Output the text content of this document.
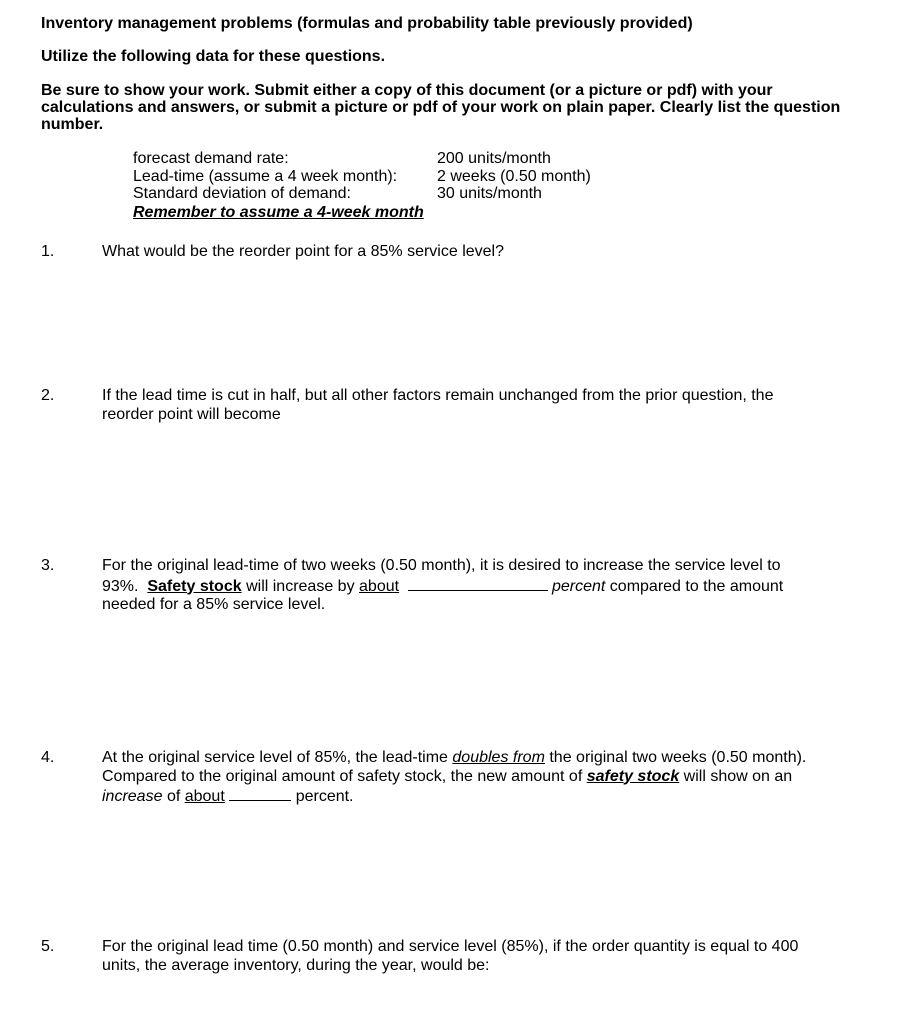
Inventory management problems (formulas and probability table previously provided)
Utilize the following data for these questions.
Be sure to show your work. Submit either a copy of this document (or a picture or pdf) with your calculations and answers, or submit a picture or pdf of your work on plain paper. Clearly list the question number.
forecast demand rate:	200 units/month
Lead-time (assume a 4 week month):	2 weeks (0.50 month)
Standard deviation of demand:	30 units/month
Remember to assume a 4-week month
1.	What would be the reorder point for a 85% service level?
2.	If the lead time is cut in half, but all other factors remain unchanged from the prior question, the reorder point will become
3.	For the original lead-time of two weeks (0.50 month), it is desired to increase the service level to 93%. Safety stock will increase by about	percent compared to the amount needed for a 85% service level.
4.	At the original service level of 85%, the lead-time doubles from the original two weeks (0.50 month). Compared to the original amount of safety stock, the new amount of safety stock will show on an increase of about	percent.
5.	For the original lead time (0.50 month) and service level (85%), if the order quantity is equal to 400 units, the average inventory, during the year, would be:
